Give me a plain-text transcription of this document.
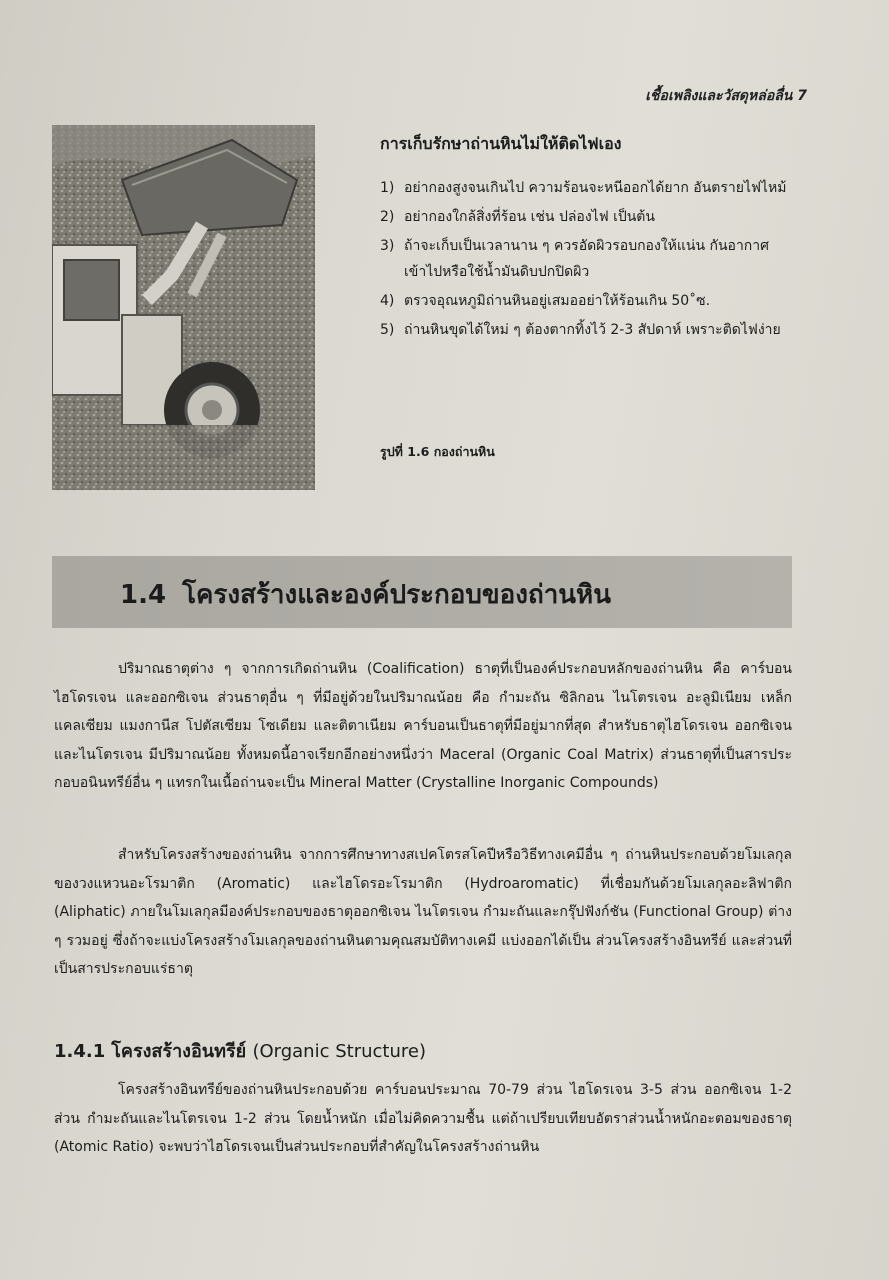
เชื้อเพลิงและวัสดุหล่อลื่น 7
การเก็บรักษาถ่านหินไม่ให้ติดไฟเอง
1) อย่ากองสูงจนเกินไป ความร้อนจะหนีออกได้ยาก อันตรายไฟไหม้
2) อย่ากองใกล้สิ่งที่ร้อน เช่น ปล่องไฟ เป็นต้น
3) ถ้าจะเก็บเป็นเวลานาน ๆ ควรอัดผิวรอบกองให้แน่น กันอากาศเข้าไปหรือใช้น้ำมันดิบปกปิดผิว
4) ตรวจอุณหภูมิถ่านหินอยู่เสมออย่าให้ร้อนเกิน 50˚ซ.
5) ถ่านหินขุดได้ใหม่ ๆ ต้องตากทิ้งไว้ 2-3 สัปดาห์ เพราะติดไฟง่าย
รูปที่ 1.6 กองถ่านหิน
1.4 โครงสร้างและองค์ประกอบของถ่านหิน

ปริมาณธาตุต่าง ๆ จากการเกิดถ่านหิน (Coalification) ธาตุที่เป็นองค์ประกอบหลักของถ่านหิน คือ คาร์บอน ไฮโดรเจน และออกซิเจน ส่วนธาตุอื่น ๆ ที่มีอยู่ด้วยในปริมาณน้อย คือ กำมะถัน ซิลิกอน ไนโตรเจน อะลูมิเนียม เหล็ก แคลเซียม แมงกานีส โปตัสเซียม โซเดียม และติตาเนียม คาร์บอนเป็นธาตุที่มีอยู่มากที่สุด สำหรับธาตุไฮโดรเจน ออกซิเจน และไนโตรเจน มีปริมาณน้อย ทั้งหมดนี้อาจเรียกอีกอย่างหนึ่งว่า Maceral (Organic Coal Matrix) ส่วนธาตุที่เป็นสารประกอบอนินทรีย์อื่น ๆ แทรกในเนื้อถ่านจะเป็น Mineral Matter (Crystalline Inorganic Compounds)

สำหรับโครงสร้างของถ่านหิน จากการศึกษาทางสเปคโตรสโคปีหรือวิธีทางเคมีอื่น ๆ ถ่านหินประกอบด้วยโมเลกุลของวงแหวนอะโรมาติก (Aromatic) และไฮโดรอะโรมาติก (Hydroaromatic) ที่เชื่อมกันด้วยโมเลกุลอะลิฟาติก (Aliphatic) ภายในโมเลกุลมีองค์ประกอบของธาตุออกซิเจน ไนโตรเจน กำมะถันและกรุ๊ปฟังก์ชัน (Functional Group) ต่าง ๆ รวมอยู่ ซึ่งถ้าจะแบ่งโครงสร้างโมเลกุลของถ่านหินตามคุณสมบัติทางเคมี แบ่งออกได้เป็น ส่วนโครงสร้างอินทรีย์ และส่วนที่เป็นสารประกอบแร่ธาตุ

1.4.1 โครงสร้างอินทรีย์ (Organic Structure)

โครงสร้างอินทรีย์ของถ่านหินประกอบด้วย คาร์บอนประมาณ 70-79 ส่วน ไฮโดรเจน 3-5 ส่วน ออกซิเจน 1-2 ส่วน กำมะถันและไนโตรเจน 1-2 ส่วน โดยน้ำหนัก เมื่อไม่คิดความชื้น แต่ถ้าเปรียบเทียบอัตราส่วนน้ำหนักอะตอมของธาตุ (Atomic Ratio) จะพบว่าไฮโดรเจนเป็นส่วนประกอบที่สำคัญในโครงสร้างถ่านหิน
